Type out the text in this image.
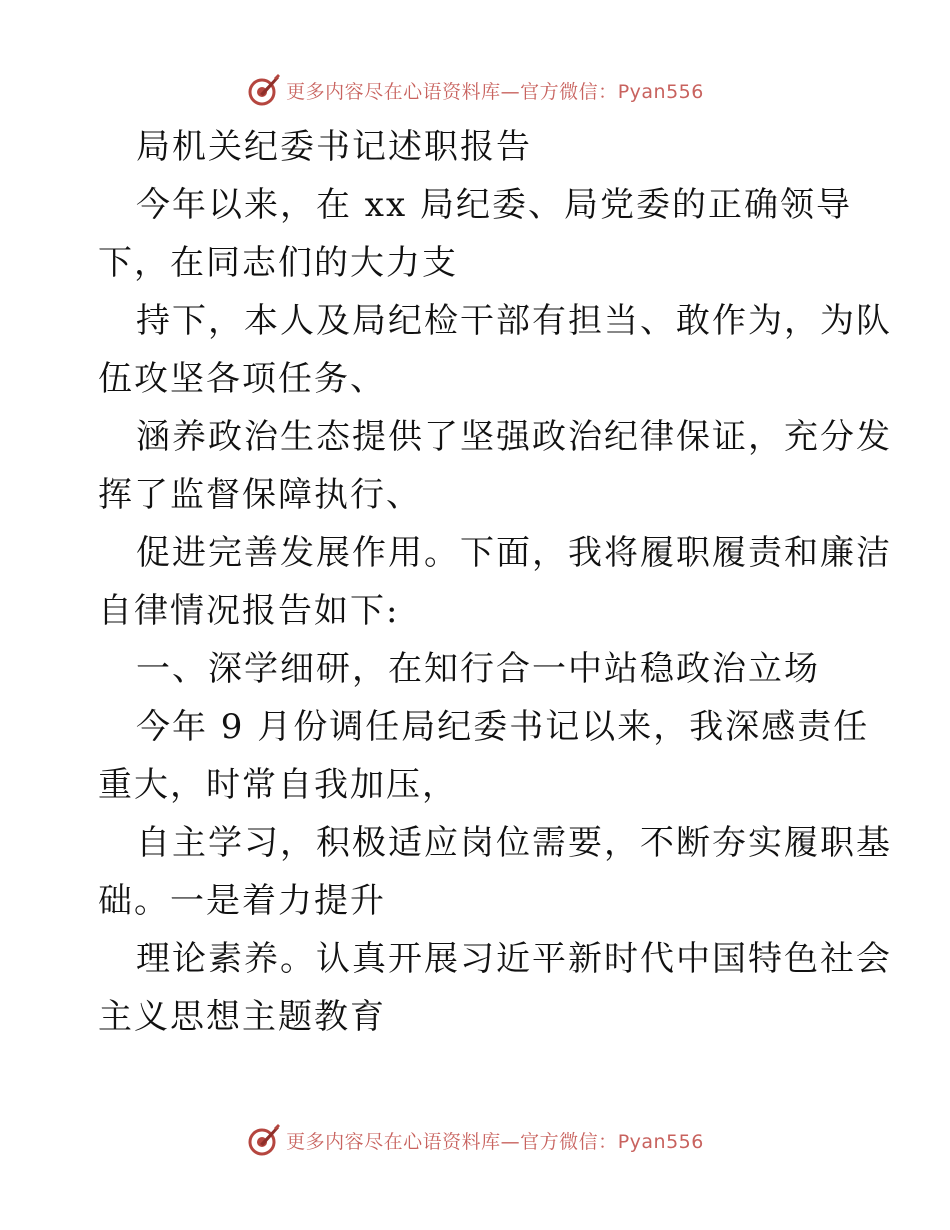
更多内容尽在心语资料库—官方微信：Pyan556
局机关纪委书记述职报告
今年以来，在 xx 局纪委、局党委的正确领导
下，在同志们的大力支
持下，本人及局纪检干部有担当、敢作为，为队
伍攻坚各项任务、
涵养政治生态提供了坚强政治纪律保证，充分发
挥了监督保障执行、
促进完善发展作用。下面，我将履职履责和廉洁
自律情况报告如下:
一、深学细研，在知行合一中站稳政治立场
今年 9 月份调任局纪委书记以来，我深感责任
重大，时常自我加压，
自主学习，积极适应岗位需要，不断夯实履职基
础。一是着力提升
理论素养。认真开展习近平新时代中国特色社会
主义思想主题教育
更多内容尽在心语资料库—官方微信：Pyan556
